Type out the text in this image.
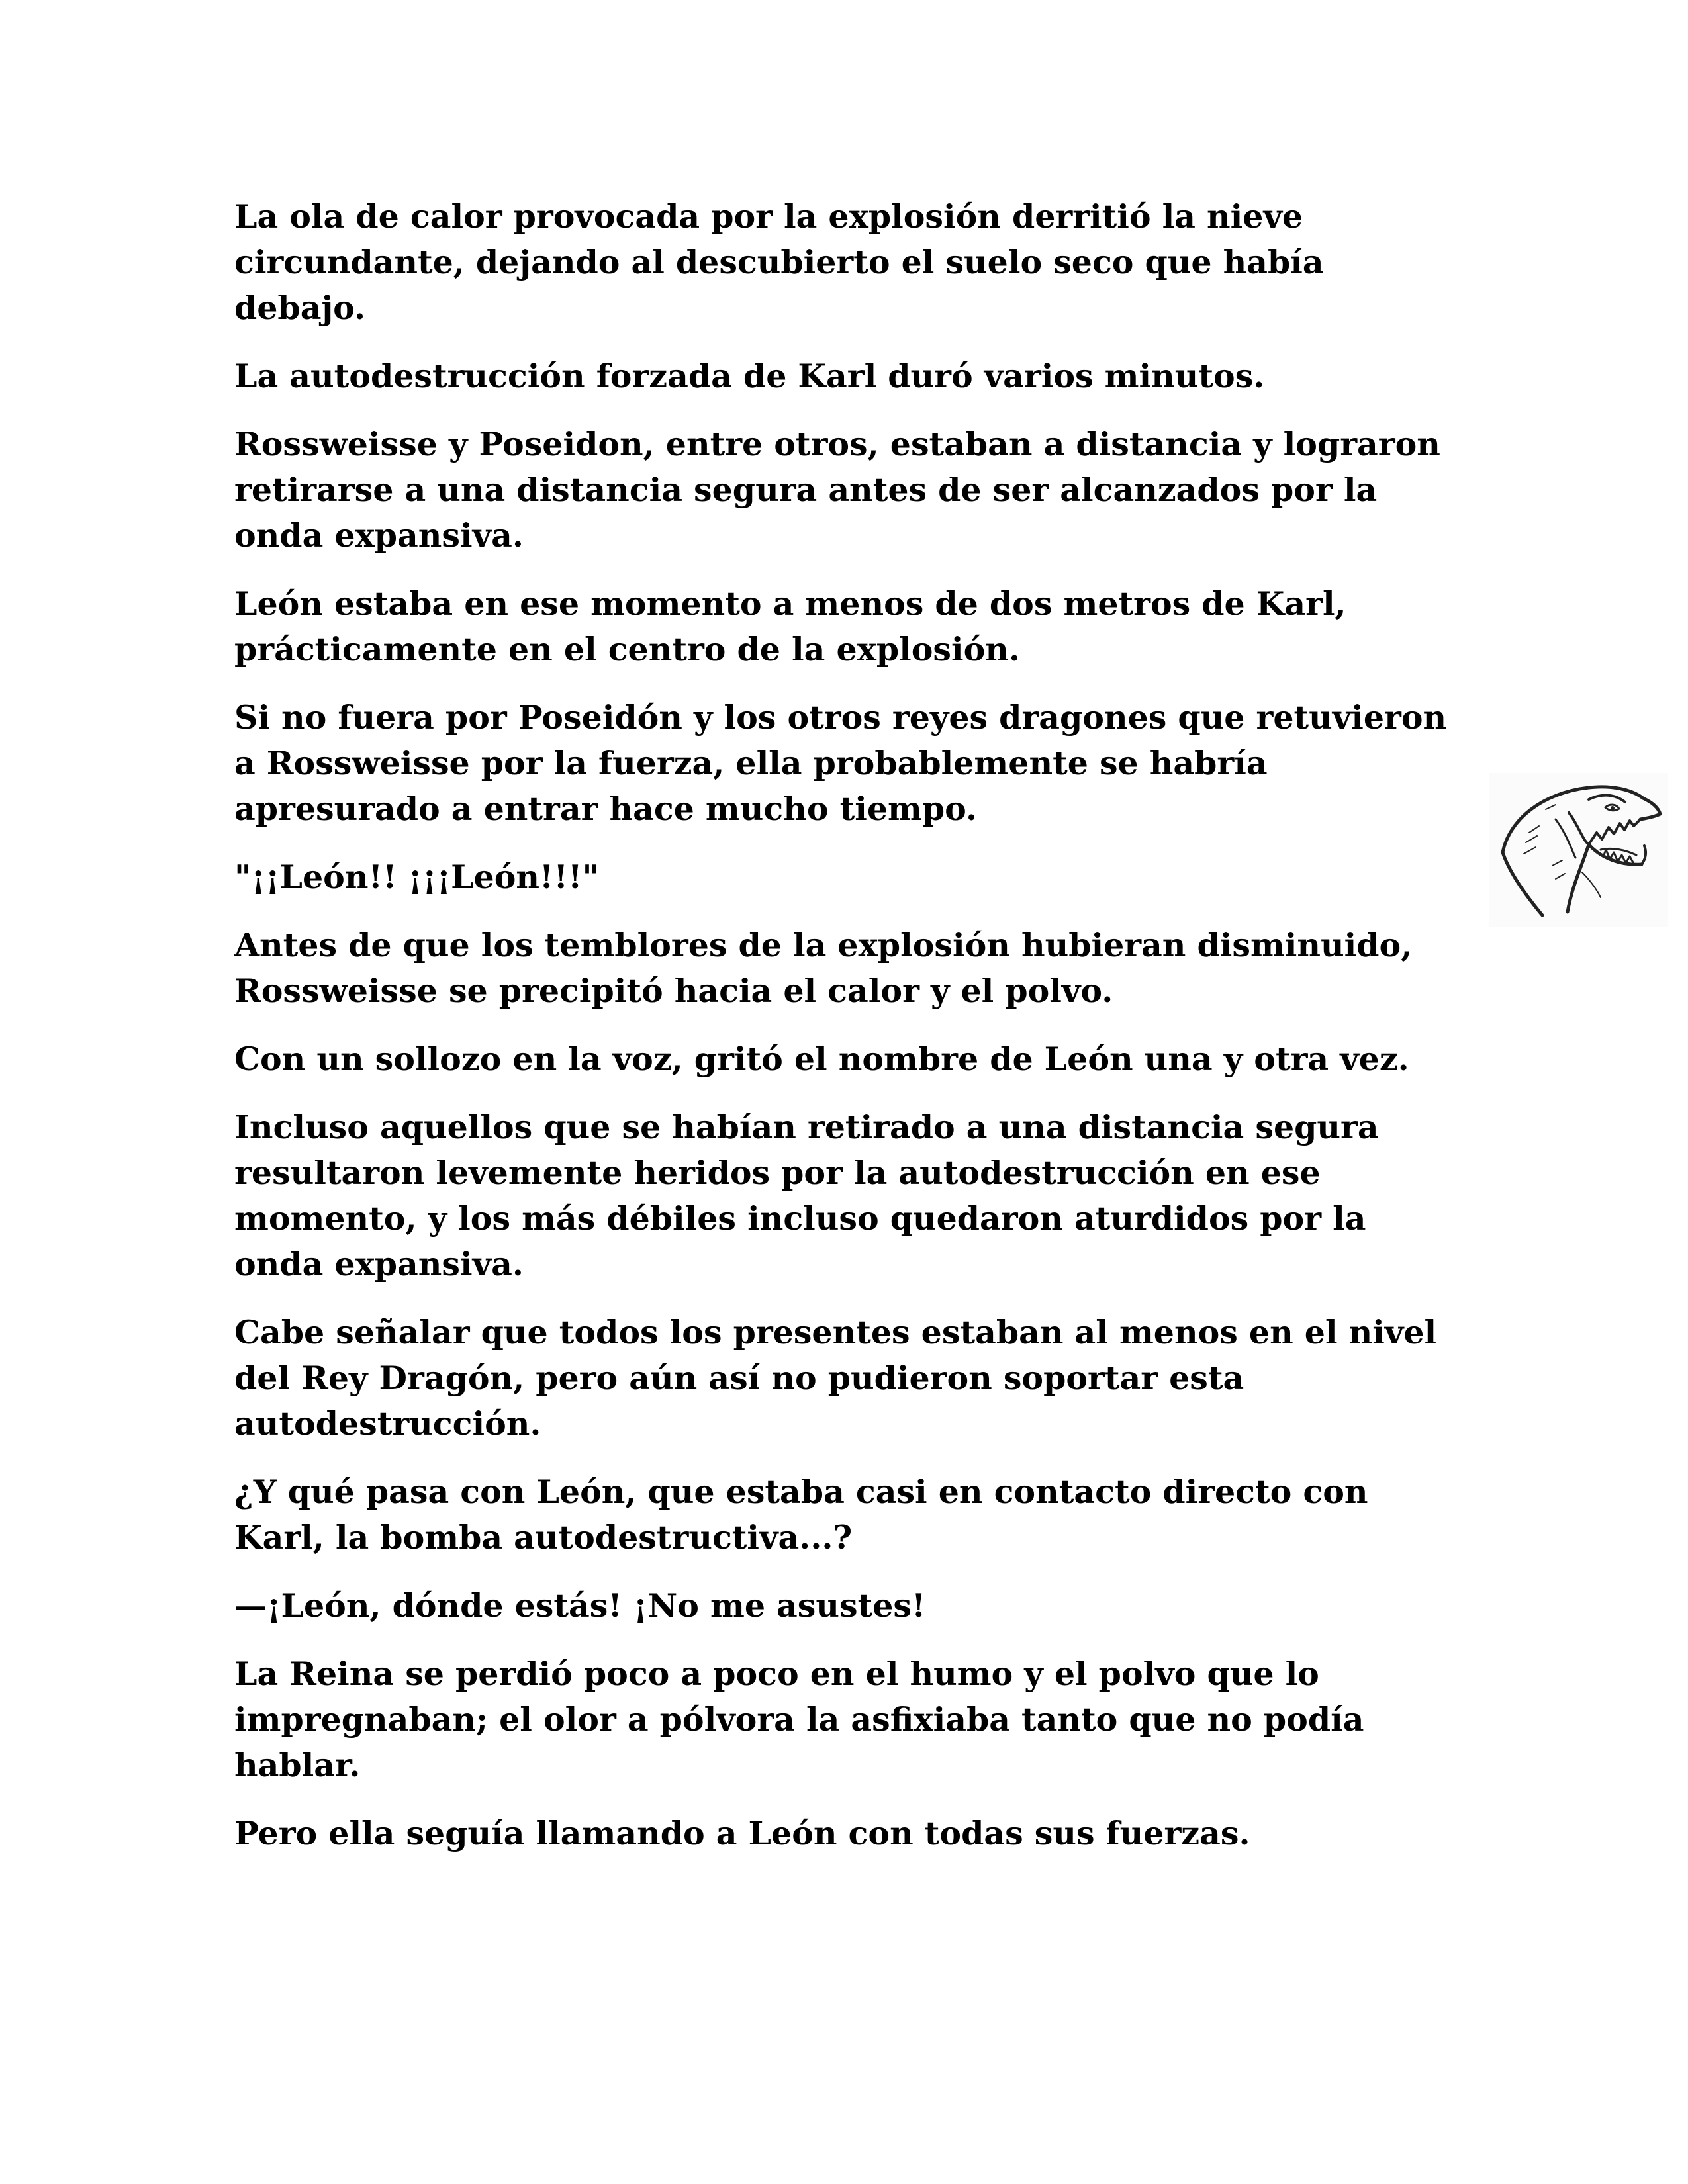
La ola de calor provocada por la explosión derritió la nieve circundante, dejando al descubierto el suelo seco que había debajo.

La autodestrucción forzada de Karl duró varios minutos.

Rossweisse y Poseidon, entre otros, estaban a distancia y lograron retirarse a una distancia segura antes de ser alcanzados por la onda expansiva.

León estaba en ese momento a menos de dos metros de Karl, prácticamente en el centro de la explosión.

Si no fuera por Poseidón y los otros reyes dragones que retuvieron a Rossweisse por la fuerza, ella probablemente se habría apresurado a entrar hace mucho tiempo.

"¡¡León!! ¡¡¡León!!!"

Antes de que los temblores de la explosión hubieran disminuido, Rossweisse se precipitó hacia el calor y el polvo.

Con un sollozo en la voz, gritó el nombre de León una y otra vez.

Incluso aquellos que se habían retirado a una distancia segura resultaron levemente heridos por la autodestrucción en ese momento, y los más débiles incluso quedaron aturdidos por la onda expansiva.

Cabe señalar que todos los presentes estaban al menos en el nivel del Rey Dragón, pero aún así no pudieron soportar esta autodestrucción.

¿Y qué pasa con León, que estaba casi en contacto directo con Karl, la bomba autodestructiva...?

—¡León, dónde estás! ¡No me asustes!

La Reina se perdió poco a poco en el humo y el polvo que lo impregnaban; el olor a pólvora la asfixiaba tanto que no podía hablar.

Pero ella seguía llamando a León con todas sus fuerzas.
